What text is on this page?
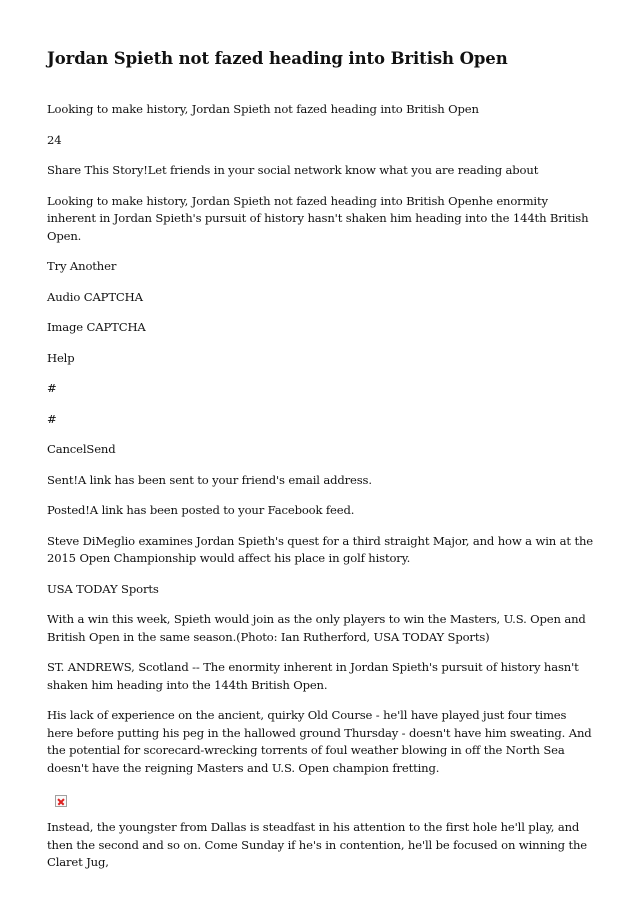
Jordan Spieth not fazed heading into British Open

Looking to make history, Jordan Spieth not fazed heading into British Open

24

Share This Story!Let friends in your social network know what you are reading about

Looking to make history, Jordan Spieth not fazed heading into British Openhe enormity inherent in Jordan Spieth's pursuit of history hasn't shaken him heading into the 144th British Open.

Try Another

Audio CAPTCHA

Image CAPTCHA

Help

#

#

CancelSend

Sent!A link has been sent to your friend's email address.

Posted!A link has been posted to your Facebook feed.

Steve DiMeglio examines Jordan Spieth's quest for a third straight Major, and how a win at the 2015 Open Championship would affect his place in golf history.

USA TODAY Sports

With a win this week, Spieth would join as the only players to win the Masters, U.S. Open and British Open in the same season.(Photo: Ian Rutherford, USA TODAY Sports)

ST. ANDREWS, Scotland -- The enormity inherent in Jordan Spieth's pursuit of history hasn't shaken him heading into the 144th British Open.

His lack of experience on the ancient, quirky Old Course - he'll have played just four times here before putting his peg in the hallowed ground Thursday - doesn't have him sweating. And the potential for scorecard-wrecking torrents of foul weather blowing in off the North Sea doesn't have the reigning Masters and U.S. Open champion fretting.

Instead, the youngster from Dallas is steadfast in his attention to the first hole he'll play, and then the second and so on. Come Sunday if he's in contention, he'll be focused on winning the Claret Jug,
